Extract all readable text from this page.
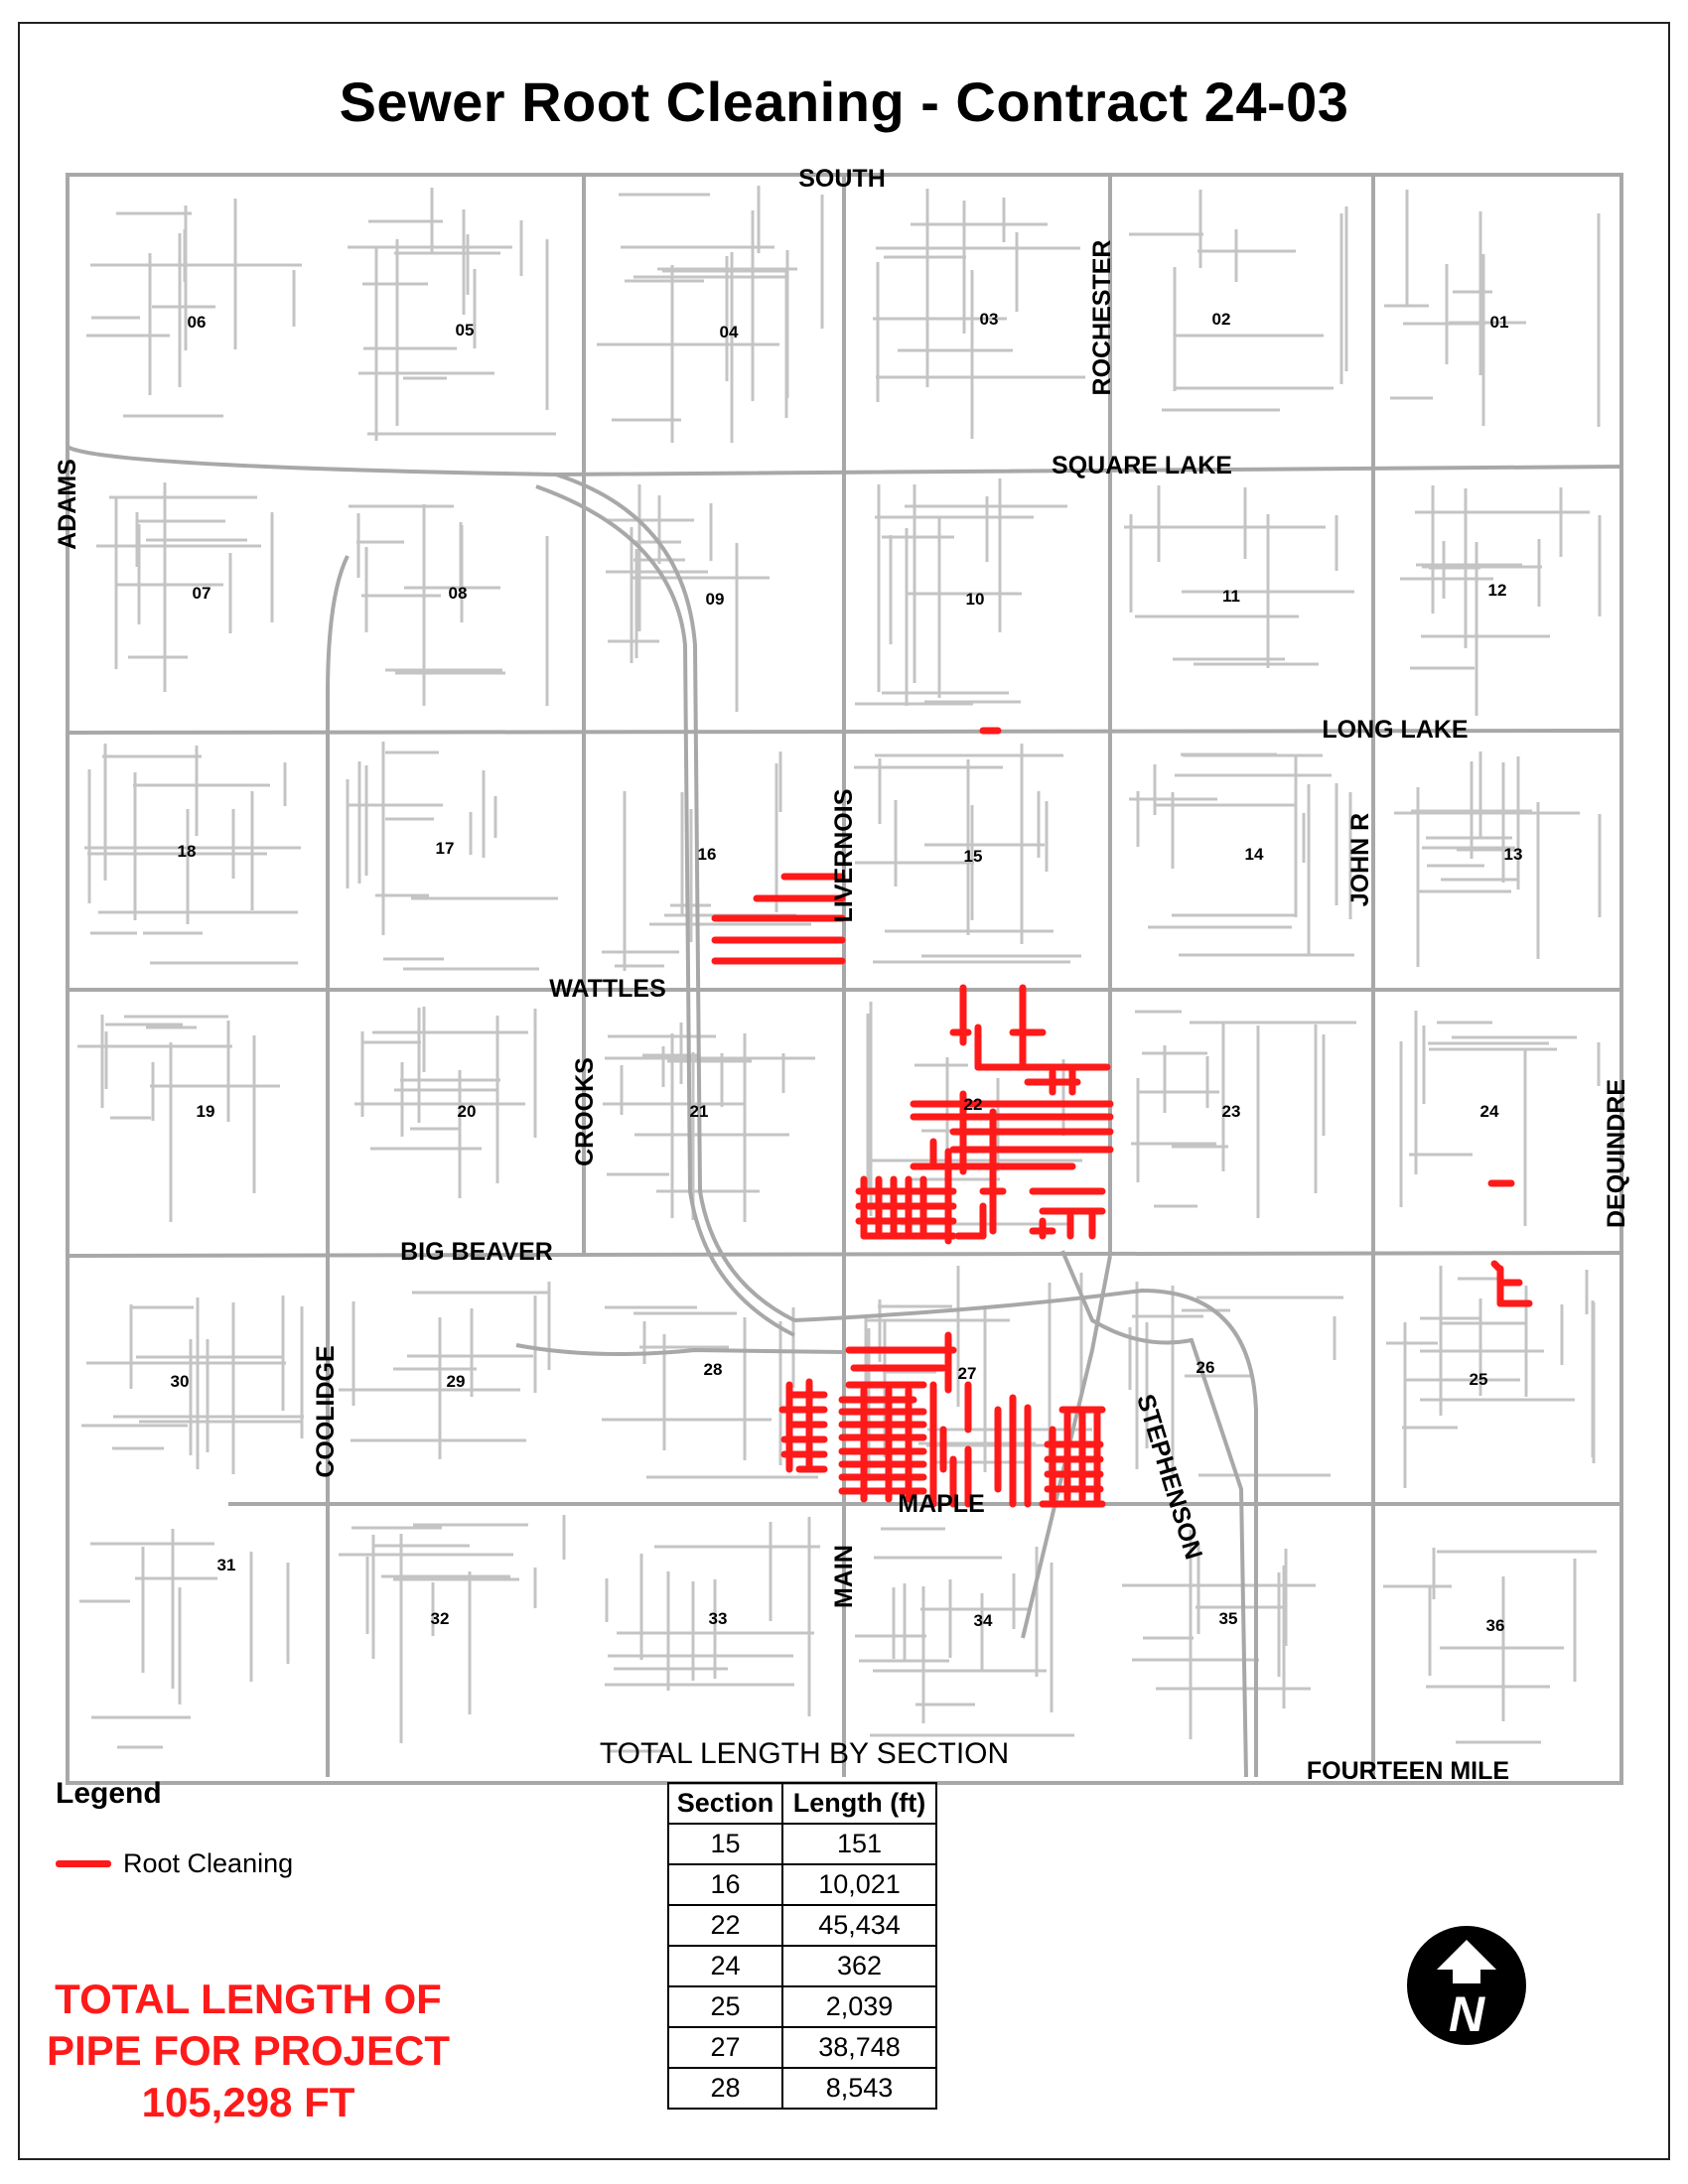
Sewer Root Cleaning - Contract 24-03
SOUTH
SQUARE LAKE
LONG LAKE
WATTLES
BIG BEAVER
MAPLE
FOURTEEN MILE
ADAMS
COOLIDGE
CROOKS
LIVERNOIS
MAIN
ROCHESTER
STEPHENSON
JOHN R
DEQUINDRE
01
02
03
04
05
06
07	08	09	10	11	12
13
14
15
16
17
18
19	20	21	22	23	24
25
26
27
28
29
30
31
32	33	34	35	36
Legend
Root Cleaning
TOTAL LENGTH OF
PIPE FOR PROJECT
105,298 FT
TOTAL LENGTH BY SECTION
Section	Length (ft)
15	151
16	10,021
22	45,434
24	362
25	2,039
27	38,748
28	8,543
N
